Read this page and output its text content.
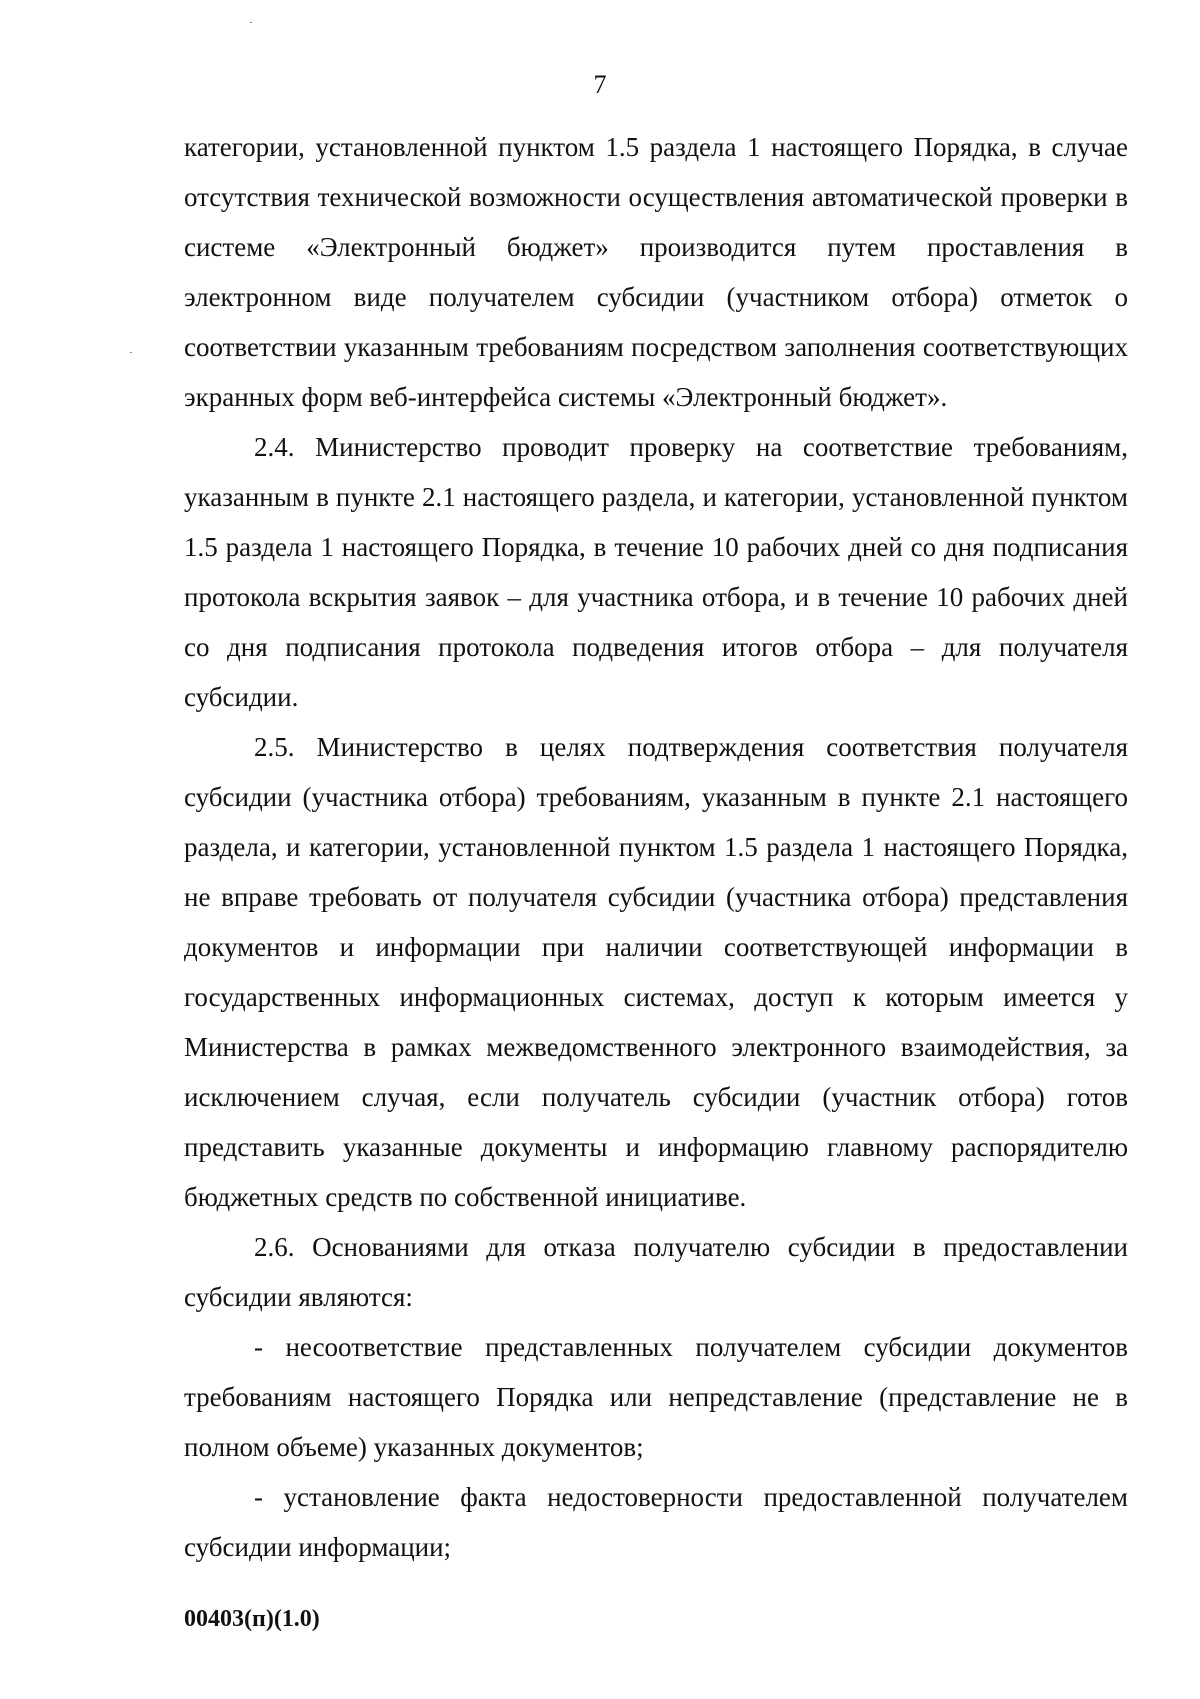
7

категории, установленной пунктом 1.5 раздела 1 настоящего Порядка, в случае отсутствия технической возможности осуществления автоматической проверки в системе «Электронный бюджет» производится путем проставления в электронном виде получателем субсидии (участником отбора) отметок о соответствии указанным требованиям посредством заполнения соответствующих экранных форм веб-интерфейса системы «Электронный бюджет».

2.4. Министерство проводит проверку на соответствие требованиям, указанным в пункте 2.1 настоящего раздела, и категории, установленной пунктом 1.5 раздела 1 настоящего Порядка, в течение 10 рабочих дней со дня подписания протокола вскрытия заявок – для участника отбора, и в течение 10 рабочих дней со дня подписания протокола подведения итогов отбора – для получателя субсидии.

2.5. Министерство в целях подтверждения соответствия получателя субсидии (участника отбора) требованиям, указанным в пункте 2.1 настоящего раздела, и категории, установленной пунктом 1.5 раздела 1 настоящего Порядка, не вправе требовать от получателя субсидии (участника отбора) представления документов и информации при наличии соответствующей информации в государственных информационных системах, доступ к которым имеется у Министерства в рамках межведомственного электронного взаимодействия, за исключением случая, если получатель субсидии (участник отбора) готов представить указанные документы и информацию главному распорядителю бюджетных средств по собственной инициативе.

2.6. Основаниями для отказа получателю субсидии в предоставлении субсидии являются:

- несоответствие представленных получателем субсидии документов требованиям настоящего Порядка или непредставление (представление не в полном объеме) указанных документов;

- установление факта недостоверности предоставленной получателем субсидии информации;

00403(п)(1.0)
